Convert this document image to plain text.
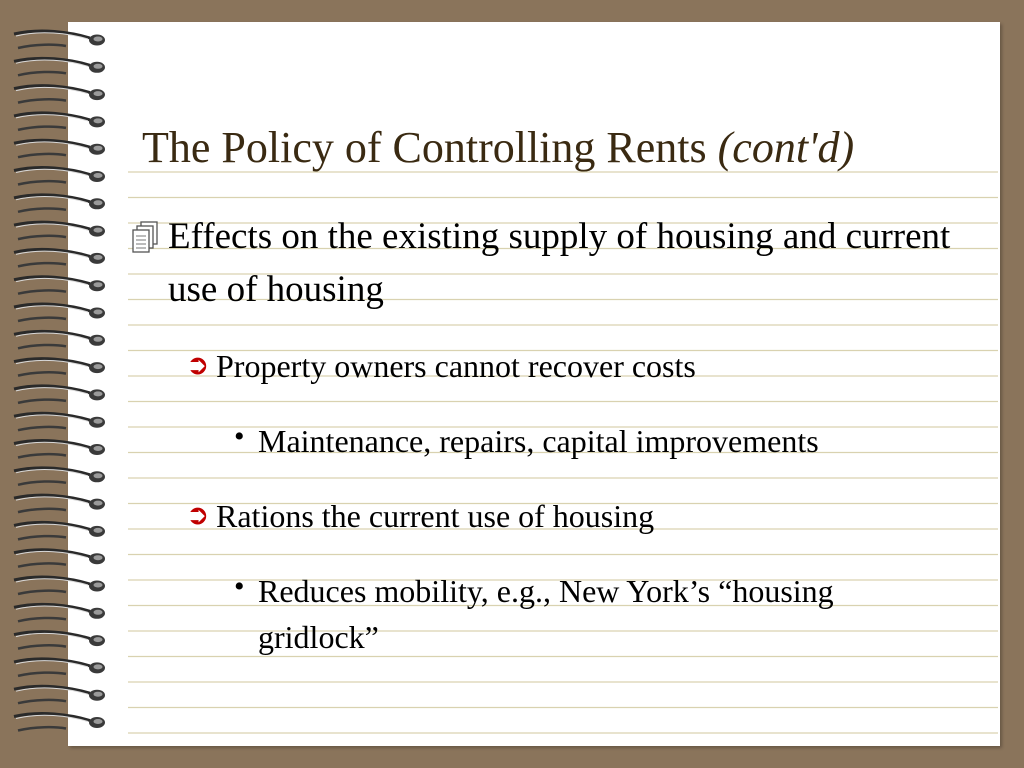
The Policy of Controlling Rents (cont'd)
Effects on the existing supply of housing and current use of housing
➲ Property owners cannot recover costs
• Maintenance, repairs, capital improvements
➲ Rations the current use of housing
• Reduces mobility, e.g., New York’s “housing gridlock”
